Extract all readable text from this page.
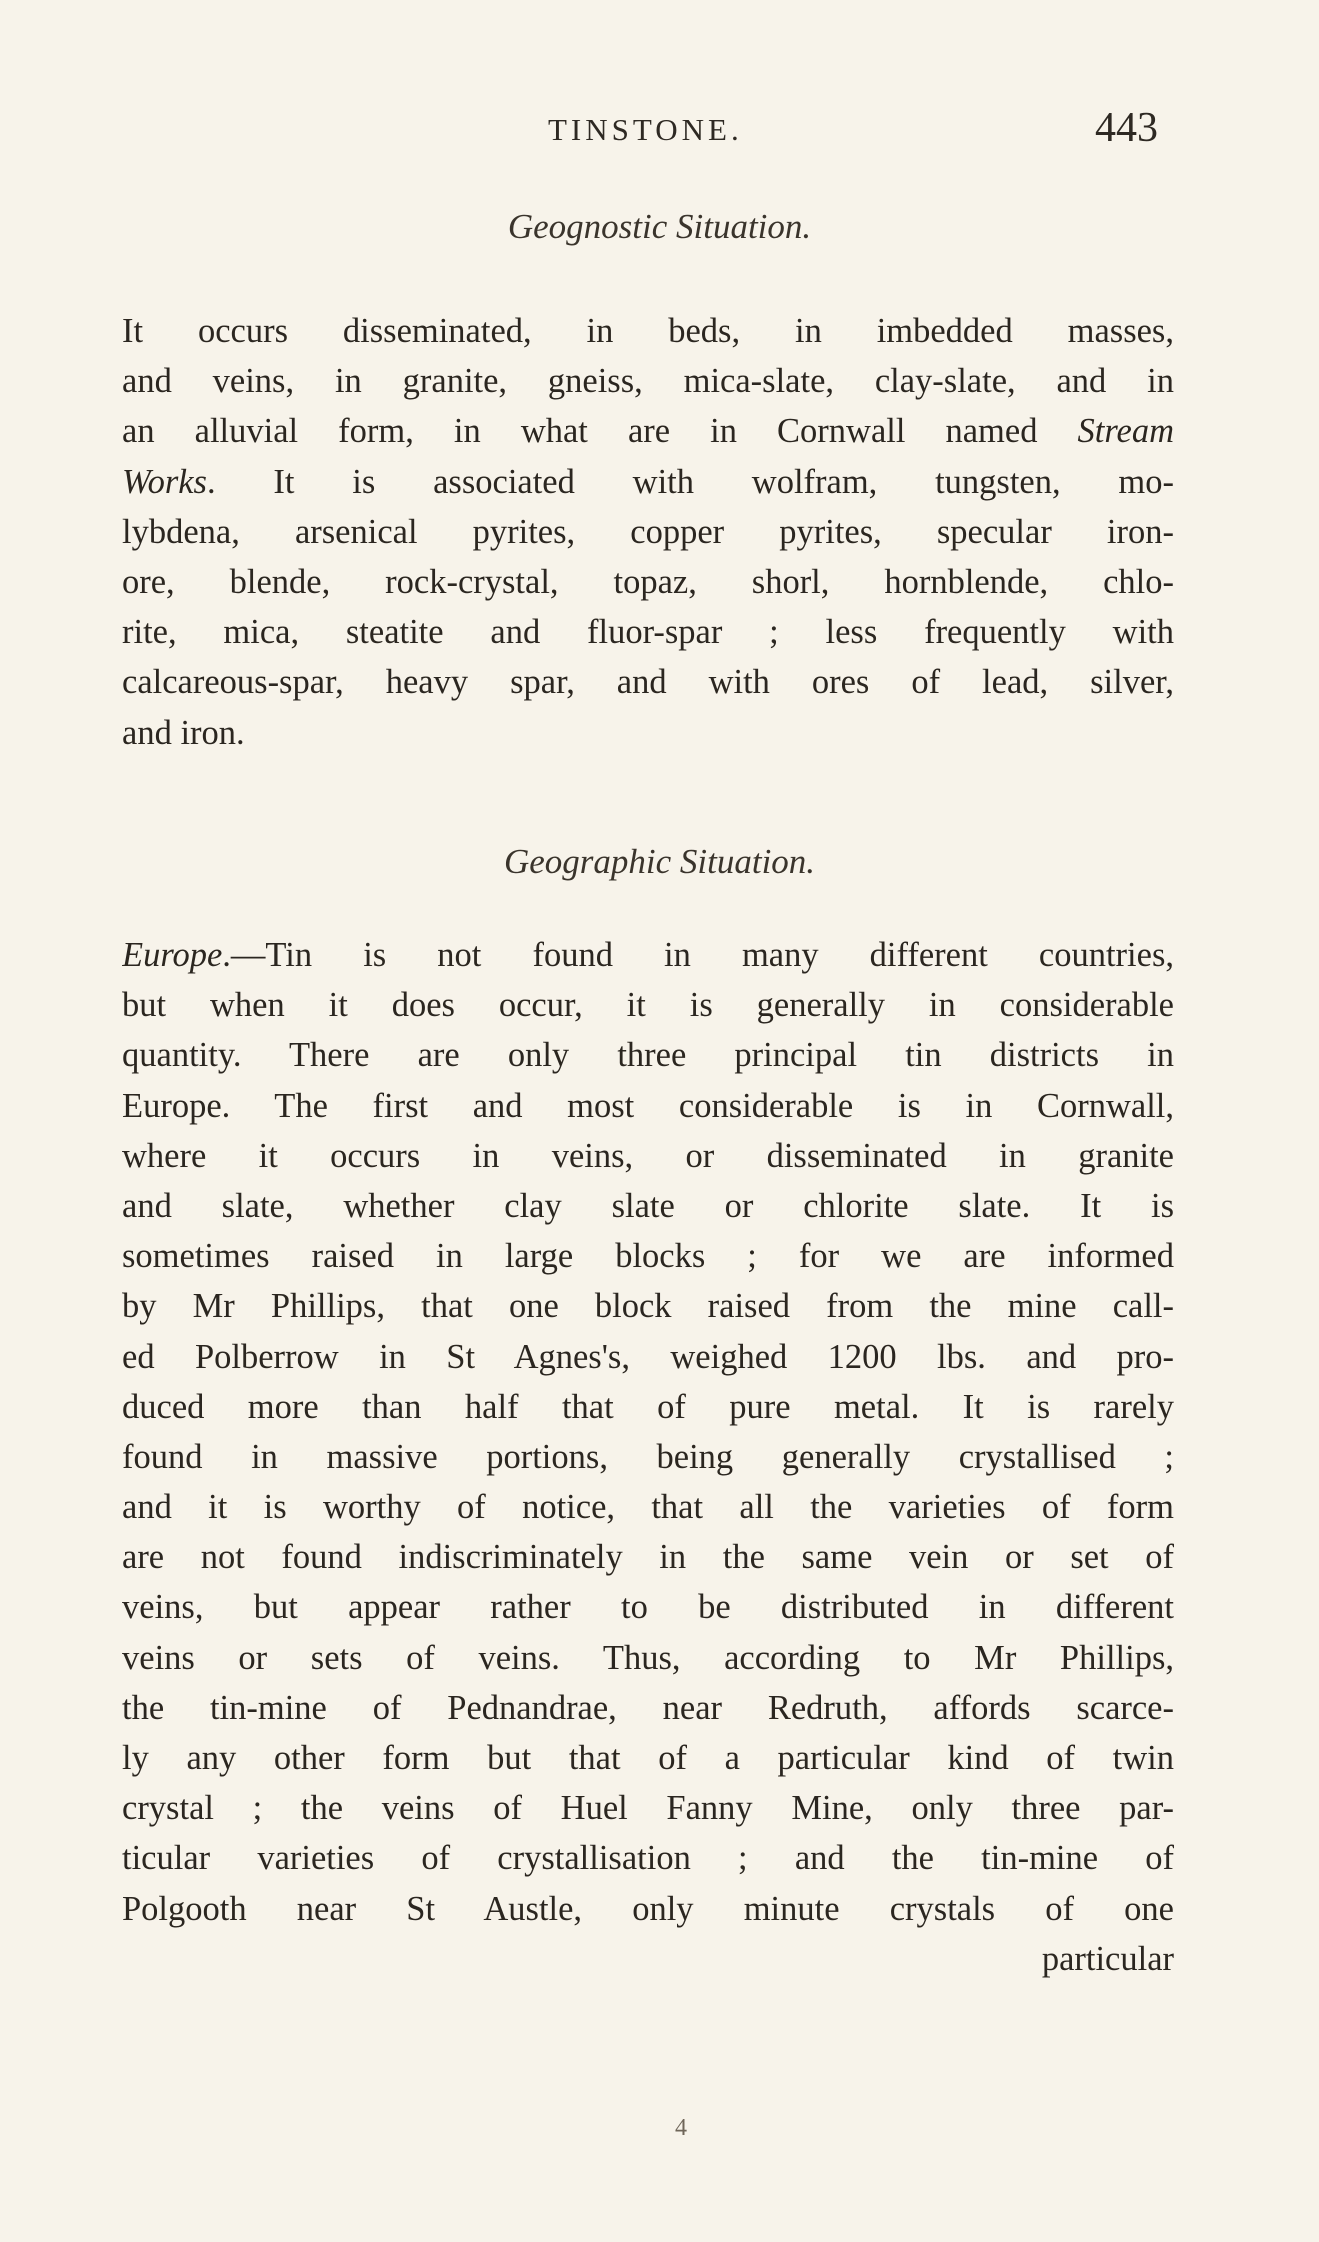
TINSTONE.	443
Geognostic Situation.
It occurs disseminated, in beds, in imbedded masses,
and veins, in granite, gneiss, mica-slate, clay-slate, and in
an alluvial form, in what are in Cornwall named Stream
Works. It is associated with wolfram, tungsten, mo-
lybdena, arsenical pyrites, copper pyrites, specular iron-
ore, blende, rock-crystal, topaz, shorl, hornblende, chlo-
rite, mica, steatite and fluor-spar ; less frequently with
calcareous-spar, heavy spar, and with ores of lead, silver,
and iron.
Geographic Situation.
Europe.—Tin is not found in many different countries,
but when it does occur, it is generally in considerable
quantity. There are only three principal tin districts in
Europe. The first and most considerable is in Cornwall,
where it occurs in veins, or disseminated in granite
and slate, whether clay slate or chlorite slate. It is
sometimes raised in large blocks ; for we are informed
by Mr Phillips, that one block raised from the mine call-
ed Polberrow in St Agnes's, weighed 1200 lbs. and pro-
duced more than half that of pure metal. It is rarely
found in massive portions, being generally crystallised ;
and it is worthy of notice, that all the varieties of form
are not found indiscriminately in the same vein or set of
veins, but appear rather to be distributed in different
veins or sets of veins. Thus, according to Mr Phillips,
the tin-mine of Pednandrae, near Redruth, affords scarce-
ly any other form but that of a particular kind of twin
crystal ; the veins of Huel Fanny Mine, only three par-
ticular varieties of crystallisation ; and the tin-mine of
Polgooth near St Austle, only minute crystals of one
particular
4
